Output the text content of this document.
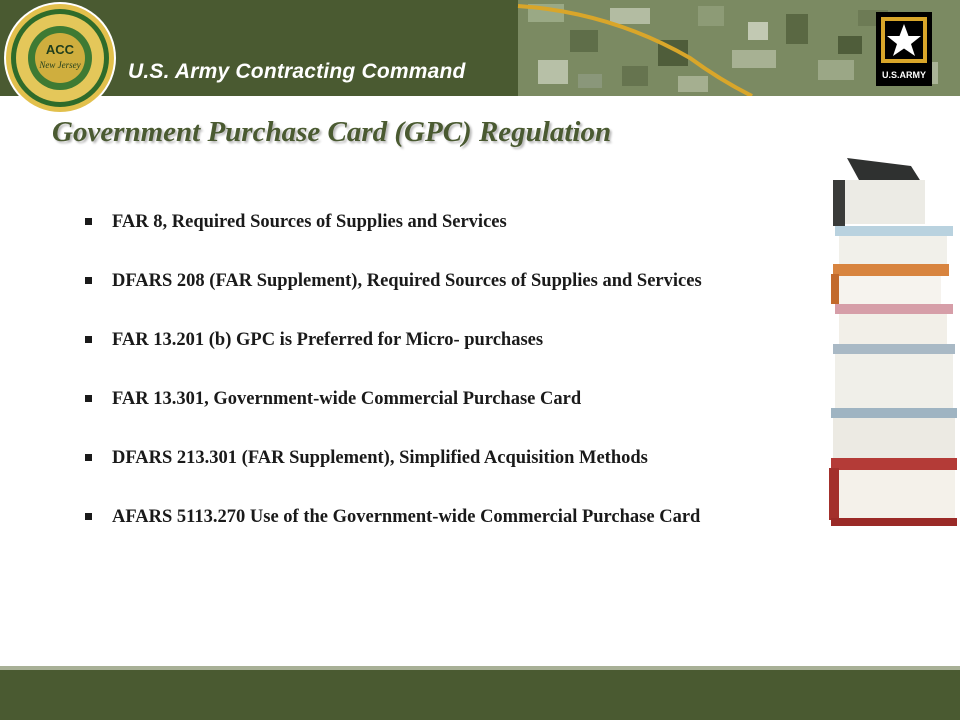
U.S. Army Contracting Command	U.S.ARMY
ACC
New Jersey
Government Purchase Card (GPC) Regulation
FAR 8, Required Sources of Supplies and Services
DFARS 208 (FAR Supplement), Required Sources of Supplies and Services
FAR 13.201 (b) GPC is Preferred for Micro- purchases
FAR 13.301, Government-wide Commercial Purchase Card
DFARS 213.301 (FAR Supplement), Simplified Acquisition Methods
AFARS 5113.270 Use of the Government-wide Commercial Purchase Card
